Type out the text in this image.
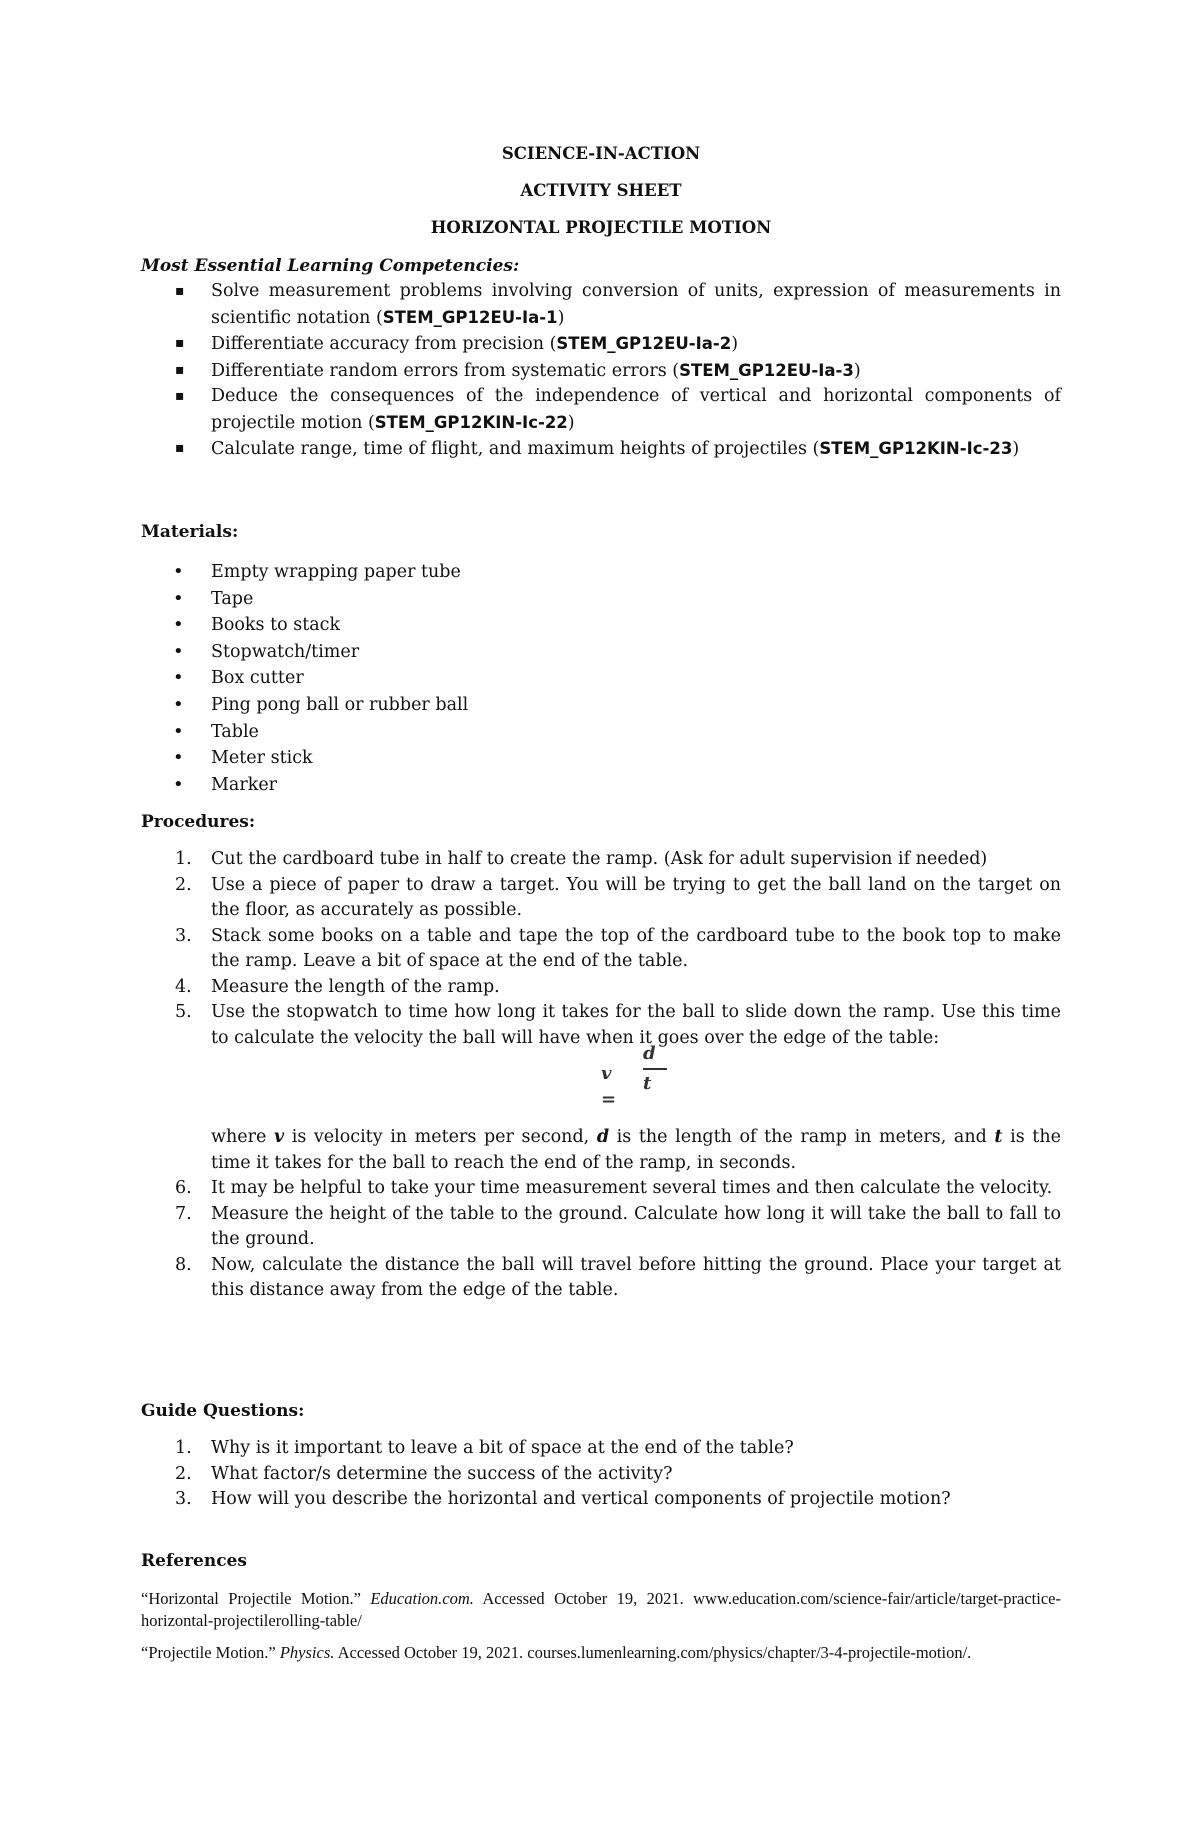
SCIENCE-IN-ACTION
ACTIVITY SHEET
HORIZONTAL PROJECTILE MOTION

Most Essential Learning Competencies:

▪ Solve measurement problems involving conversion of units, expression of measurements in scientific notation (STEM_GP12EU-Ia-1)
▪ Differentiate accuracy from precision (STEM_GP12EU-Ia-2)
▪ Differentiate random errors from systematic errors (STEM_GP12EU-Ia-3)
▪ Deduce the consequences of the independence of vertical and horizontal components of projectile motion (STEM_GP12KIN-Ic-22)
▪ Calculate range, time of flight, and maximum heights of projectiles (STEM_GP12KIN-Ic-23)

Materials:

• Empty wrapping paper tube
• Tape
• Books to stack
• Stopwatch/timer
• Box cutter
• Ping pong ball or rubber ball
• Table
• Meter stick
• Marker

Procedures:

1. Cut the cardboard tube in half to create the ramp. (Ask for adult supervision if needed)
2. Use a piece of paper to draw a target. You will be trying to get the ball land on the target on the floor, as accurately as possible.
3. Stack some books on a table and tape the top of the cardboard tube to the book top to make the ramp. Leave a bit of space at the end of the table.
4. Measure the length of the ramp.
5. Use the stopwatch to time how long it takes for the ball to slide down the ramp. Use this time to calculate the velocity the ball will have when it goes over the edge of the table:
v =
d
t
where v is velocity in meters per second, d is the length of the ramp in meters, and t is the time it takes for the ball to reach the end of the ramp, in seconds.
6. It may be helpful to take your time measurement several times and then calculate the velocity.
7. Measure the height of the table to the ground. Calculate how long it will take the ball to fall to the ground.
8. Now, calculate the distance the ball will travel before hitting the ground. Place your target at this distance away from the edge of the table.

Guide Questions:

1. Why is it important to leave a bit of space at the end of the table?
2. What factor/s determine the success of the activity?
3. How will you describe the horizontal and vertical components of projectile motion?

References

“Horizontal Projectile Motion.” Education.com. Accessed October 19, 2021. www.education.com/science-fair/article/target-practice-horizontal-projectilerolling-table/
“Projectile Motion.” Physics. Accessed October 19, 2021. courses.lumenlearning.com/physics/chapter/3-4-projectile-motion/.
